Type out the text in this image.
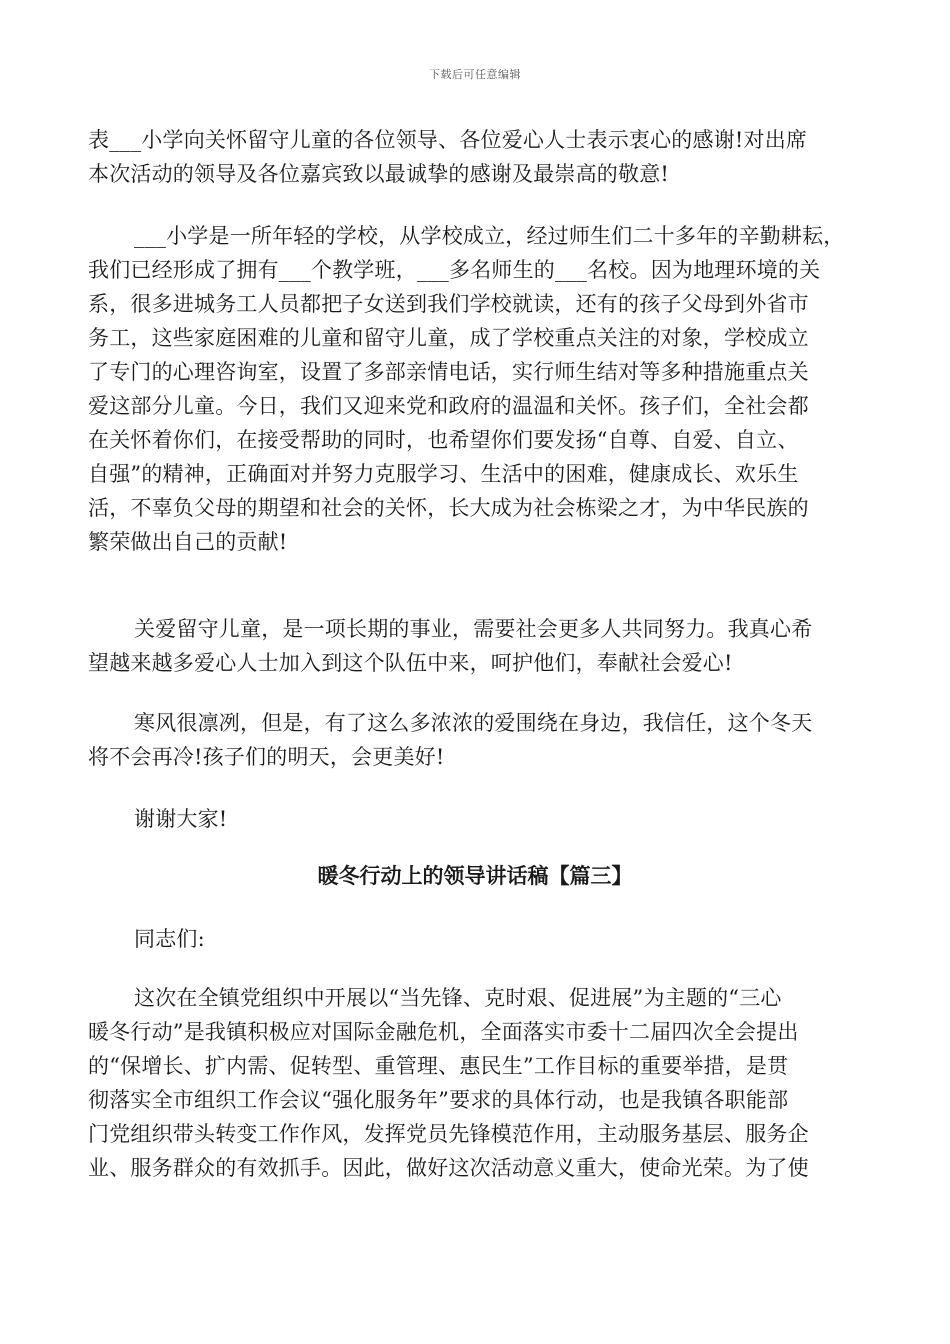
下载后可任意编辑
表___小学向关怀留守儿童的各位领导、各位爱心人士表示衷心的感谢!对出席
本次活动的领导及各位嘉宾致以最诚挚的感谢及最崇高的敬意!
___小学是一所年轻的学校，从学校成立，经过师生们二十多年的辛勤耕耘，
我们已经形成了拥有___个教学班，___多名师生的___名校。因为地理环境的关
系，很多进城务工人员都把子女送到我们学校就读，还有的孩子父母到外省市
务工，这些家庭困难的儿童和留守儿童，成了学校重点关注的对象，学校成立
了专门的心理咨询室，设置了多部亲情电话，实行师生结对等多种措施重点关
爱这部分儿童。今日，我们又迎来党和政府的温温和关怀。孩子们，全社会都
在关怀着你们，在接受帮助的同时，也希望你们要发扬“自尊、自爱、自立、
自强”的精神，正确面对并努力克服学习、生活中的困难，健康成长、欢乐生
活，不辜负父母的期望和社会的关怀，长大成为社会栋梁之才，为中华民族的
繁荣做出自己的贡献!
关爱留守儿童，是一项长期的事业，需要社会更多人共同努力。我真心希
望越来越多爱心人士加入到这个队伍中来，呵护他们，奉献社会爱心!
寒风很凛冽，但是，有了这么多浓浓的爱围绕在身边，我信任，这个冬天
将不会再冷!孩子们的明天，会更美好!
谢谢大家!
暖冬行动上的领导讲话稿【篇三】
同志们:
这次在全镇党组织中开展以“当先锋、克时艰、促进展”为主题的“三心
暖冬行动”是我镇积极应对国际金融危机，全面落实市委十二届四次全会提出
的“保增长、扩内需、促转型、重管理、惠民生”工作目标的重要举措，是贯
彻落实全市组织工作会议“强化服务年”要求的具体行动，也是我镇各职能部
门党组织带头转变工作作风，发挥党员先锋模范作用，主动服务基层、服务企
业、服务群众的有效抓手。因此，做好这次活动意义重大，使命光荣。为了使
